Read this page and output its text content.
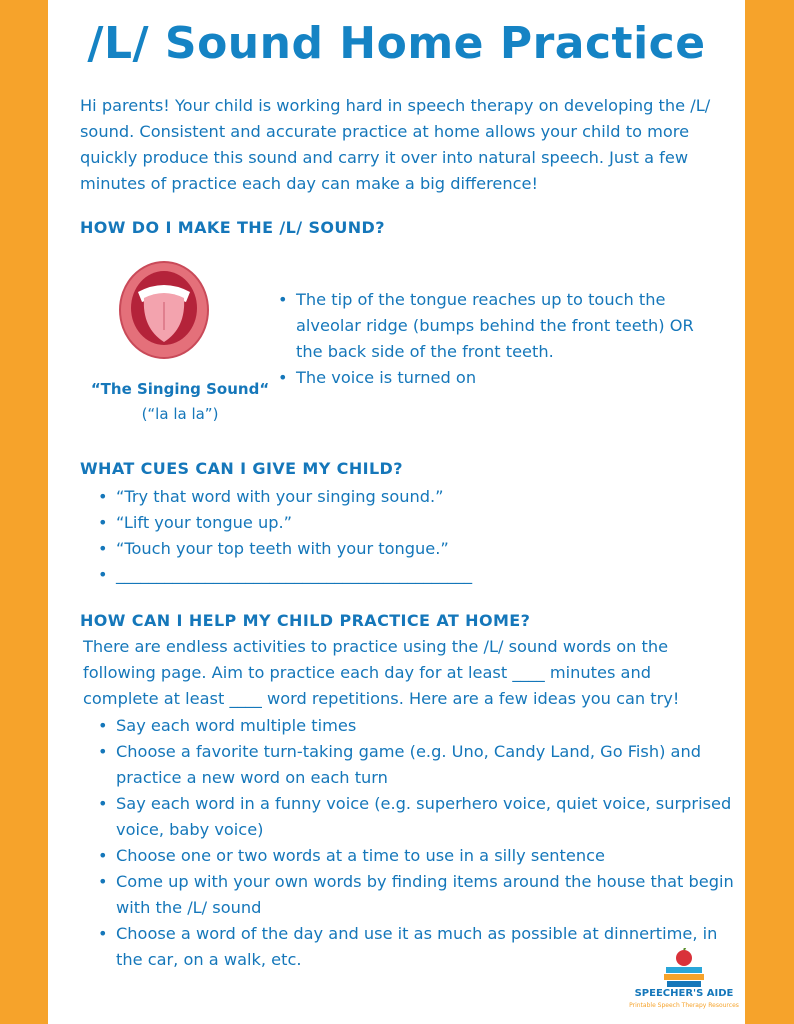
/L/ Sound Home Practice

Hi parents! Your child is working hard in speech therapy on developing the /L/ sound. Consistent and accurate practice at home allows your child to more quickly produce this sound and carry it over into natural speech. Just a few minutes of practice each day can make a big difference!

HOW DO I MAKE THE /L/ SOUND?

“The Singing Sound“

(“la la la”)

• The tip of the tongue reaches up to touch the alveolar ridge (bumps behind the front teeth) OR the back side of the front teeth.
• The voice is turned on
WHAT CUES CAN I GIVE MY CHILD?
• “Try that word with your singing sound.”
• “Lift your tongue up.”
• “Touch your top teeth with your tongue.”
• ____________________________________________
HOW CAN I HELP MY CHILD PRACTICE AT HOME?

There are endless activities to practice using the /L/ sound words on the following page. Aim to practice each day for at least ____ minutes and complete at least ____ word repetitions. Here are a few ideas you can try!

• Say each word multiple times
• Choose a favorite turn-taking game (e.g. Uno, Candy Land, Go Fish) and practice a new word on each turn
• Say each word in a funny voice (e.g. superhero voice, quiet voice, surprised voice, baby voice)
• Choose one or two words at a time to use in a silly sentence
• Come up with your own words by finding items around the house that begin with the /L/ sound
• Choose a word of the day and use it as much as possible at dinnertime, in the car, on a walk, etc.

SPEECHER'S AIDE

Printable Speech Therapy Resources
